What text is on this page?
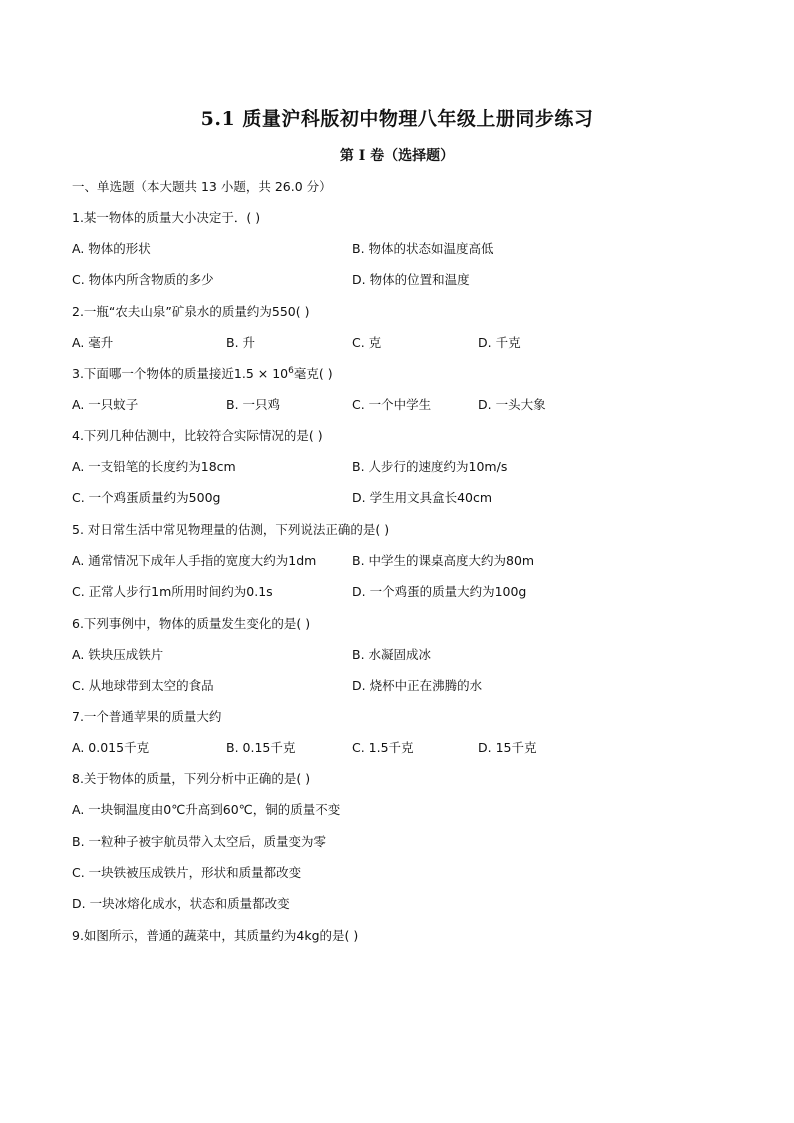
5.1 质量沪科版初中物理八年级上册同步练习
第 I 卷（选择题）
一、单选题（本大题共 13 小题，共 26.0 分）
1.某一物体的质量大小决定于．( )
A. 物体的形状	B. 物体的状态如温度高低
C. 物体内所含物质的多少	D. 物体的位置和温度
2.一瓶“农夫山泉”矿泉水的质量约为550( )
A. 毫升	B. 升	C. 克	D. 千克
3.下面哪一个物体的质量接近$1.5 \times 10^6$毫克( )
A. 一只蚊子	B. 一只鸡	C. 一个中学生	D. 一头大象
4.下列几种估测中，比较符合实际情况的是( )
A. 一支铅笔的长度约为18cm	B. 人步行的速度约为10m/s
C. 一个鸡蛋质量约为500g	D. 学生用文具盒长40cm
5. 对日常生活中常见物理量的估测，下列说法正确的是( )
A. 通常情况下成年人手指的宽度大约为1dm	B. 中学生的课桌高度大约为80m
C. 正常人步行1m所用时间约为0.1s	D. 一个鸡蛋的质量大约为100g
6.下列事例中，物体的质量发生变化的是( )
A. 铁块压成铁片	B. 水凝固成冰
C. 从地球带到太空的食品	D. 烧杯中正在沸腾的水
7.一个普通苹果的质量大约
A. 0.015千克	B. 0.15千克	C. 1.5千克	D. 15千克
8.关于物体的质量，下列分析中正确的是( )
A. 一块铜温度由0℃升高到60℃，铜的质量不变
B. 一粒种子被宇航员带入太空后，质量变为零
C. 一块铁被压成铁片，形状和质量都改变
D. 一块冰熔化成水，状态和质量都改变
9.如图所示，普通的蔬菜中，其质量约为4kg的是( )
